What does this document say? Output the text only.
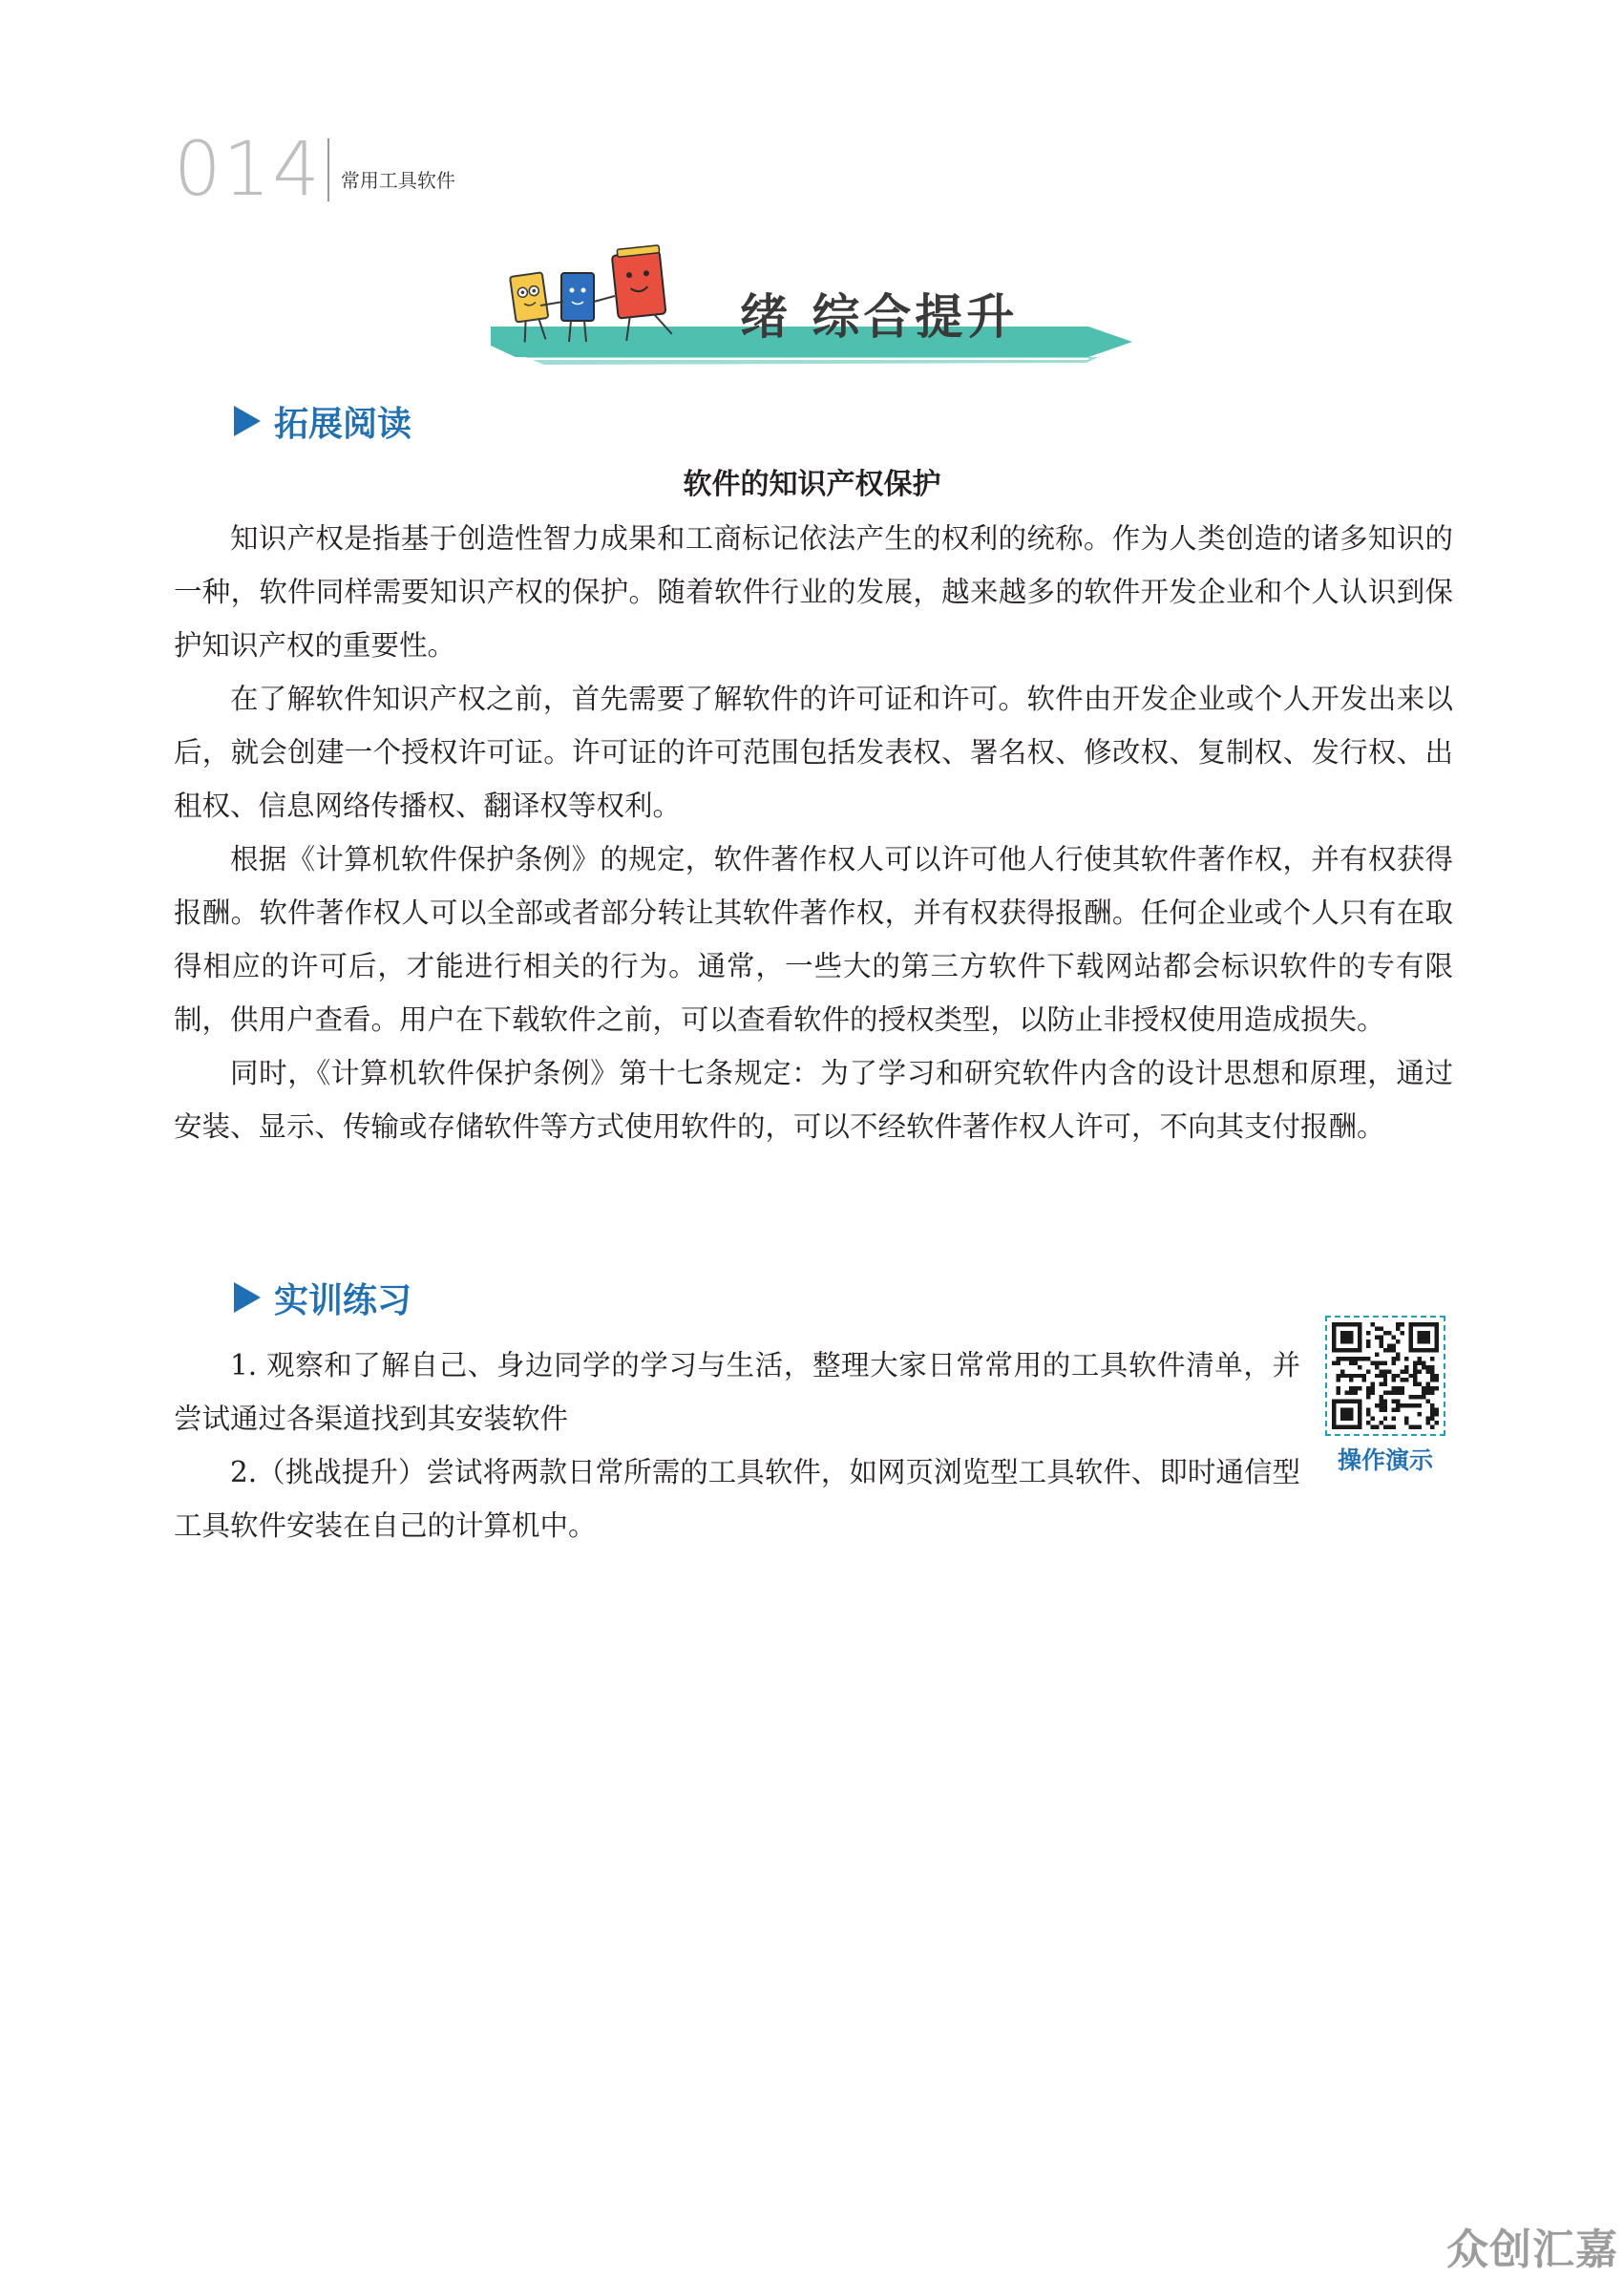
014 常用工具软件
绪 综合提升
拓展阅读
软件的知识产权保护

知识产权是指基于创造性智力成果和工商标记依法产生的权利的统称。作为人类创造的诸多知识的一种，软件同样需要知识产权的保护。随着软件行业的发展，越来越多的软件开发企业和个人认识到保护知识产权的重要性。

在了解软件知识产权之前，首先需要了解软件的许可证和许可。软件由开发企业或个人开发出来以后，就会创建一个授权许可证。许可证的许可范围包括发表权、署名权、修改权、复制权、发行权、出租权、信息网络传播权、翻译权等权利。

根据《计算机软件保护条例》的规定，软件著作权人可以许可他人行使其软件著作权，并有权获得报酬。软件著作权人可以全部或者部分转让其软件著作权，并有权获得报酬。任何企业或个人只有在取得相应的许可后，才能进行相关的行为。通常，一些大的第三方软件下载网站都会标识软件的专有限制，供用户查看。用户在下载软件之前，可以查看软件的授权类型，以防止非授权使用造成损失。

同时，《计算机软件保护条例》第十七条规定：为了学习和研究软件内含的设计思想和原理，通过安装、显示、传输或存储软件等方式使用软件的，可以不经软件著作权人许可，不向其支付报酬。

实训练习

1. 观察和了解自己、身边同学的学习与生活，整理大家日常常用的工具软件清单，并尝试通过各渠道找到其安装软件

2.（挑战提升）尝试将两款日常所需的工具软件，如网页浏览型工具软件、即时通信型工具软件安装在自己的计算机中。

操作演示
众创汇嘉
